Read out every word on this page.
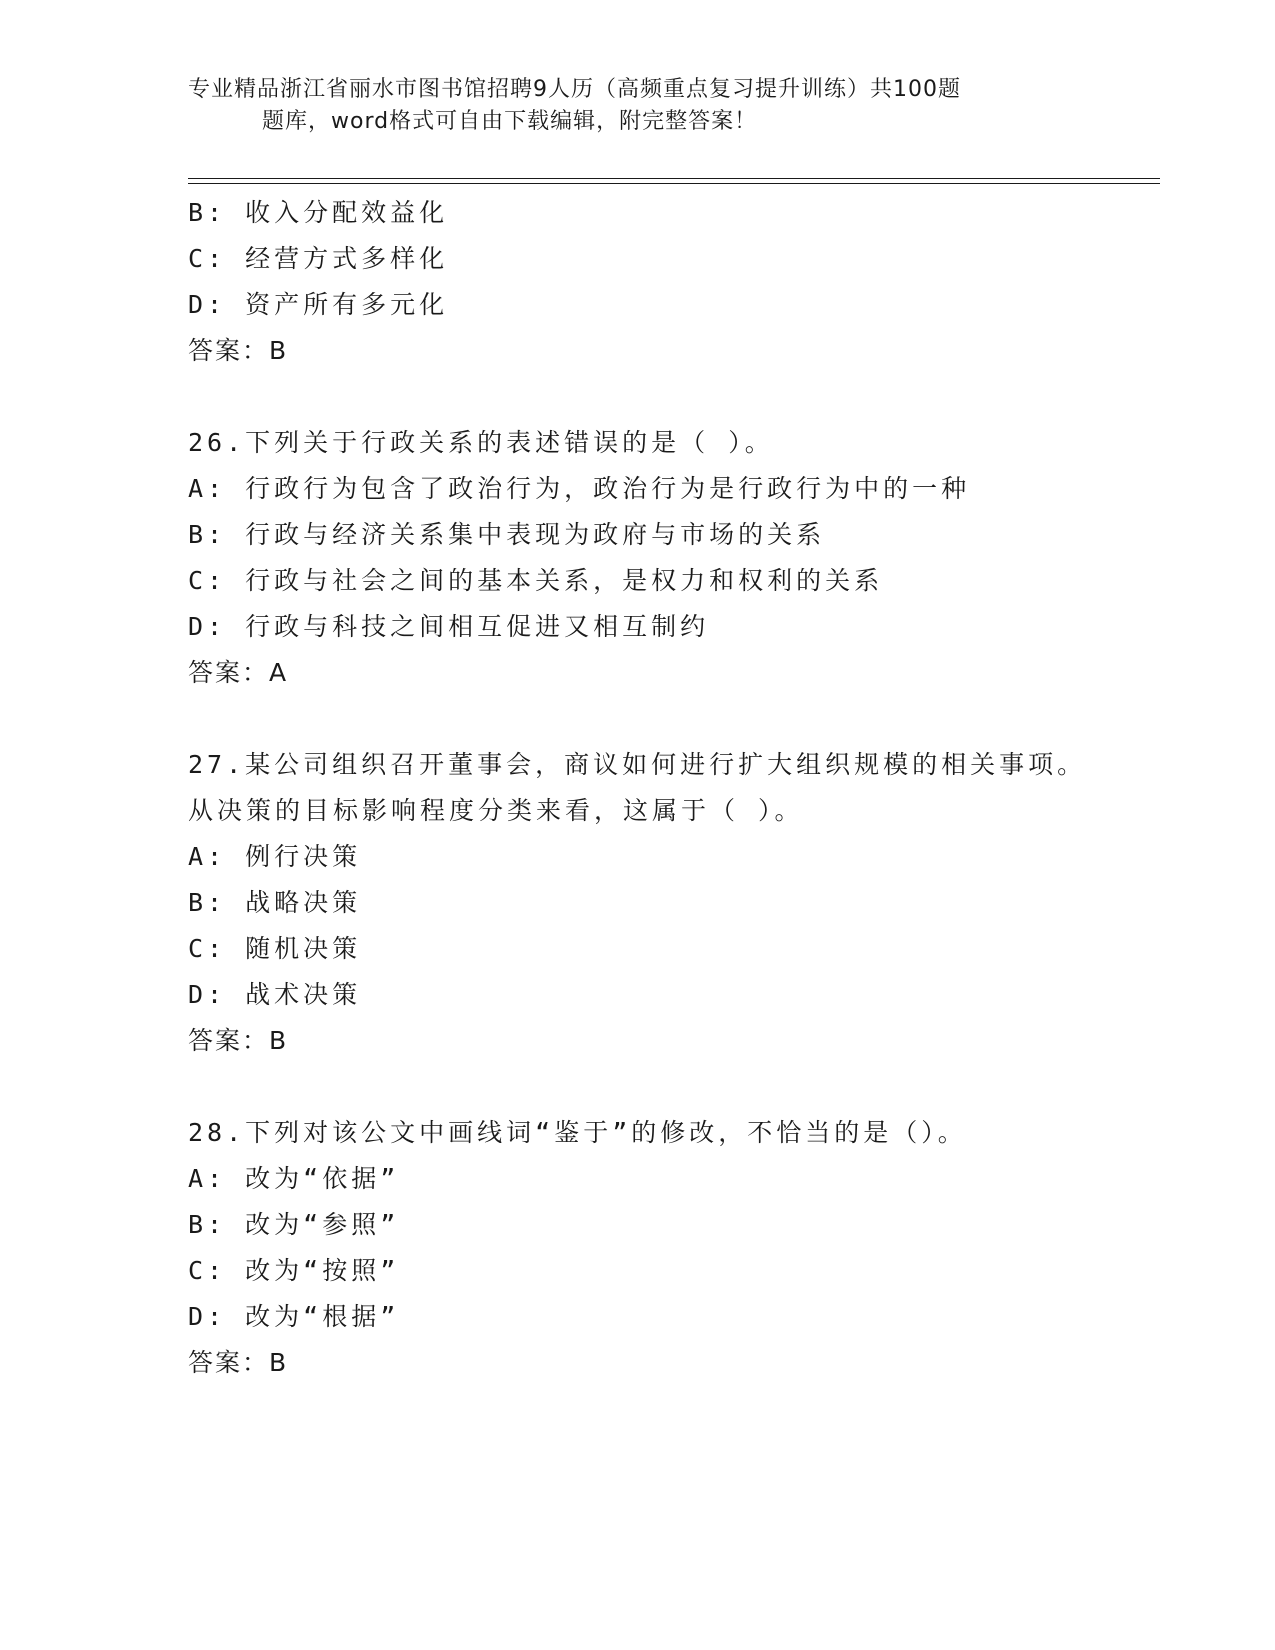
专业精品浙江省丽水市图书馆招聘9人历（高频重点复习提升训练）共100题
题库，word格式可自由下载编辑，附完整答案！
B: 收入分配效益化
C: 经营方式多样化
D: 资产所有多元化
答案：B
26.下列关于行政关系的表述错误的是（ ）。
A: 行政行为包含了政治行为，政治行为是行政行为中的一种
B: 行政与经济关系集中表现为政府与市场的关系
C: 行政与社会之间的基本关系，是权力和权利的关系
D: 行政与科技之间相互促进又相互制约
答案：A
27.某公司组织召开董事会，商议如何进行扩大组织规模的相关事项。
从决策的目标影响程度分类来看，这属于（ ）。
A: 例行决策
B: 战略决策
C: 随机决策
D: 战术决策
答案：B
28.下列对该公文中画线词“鉴于”的修改，不恰当的是（）。
A: 改为“依据”
B: 改为“参照”
C: 改为“按照”
D: 改为“根据”
答案：B
